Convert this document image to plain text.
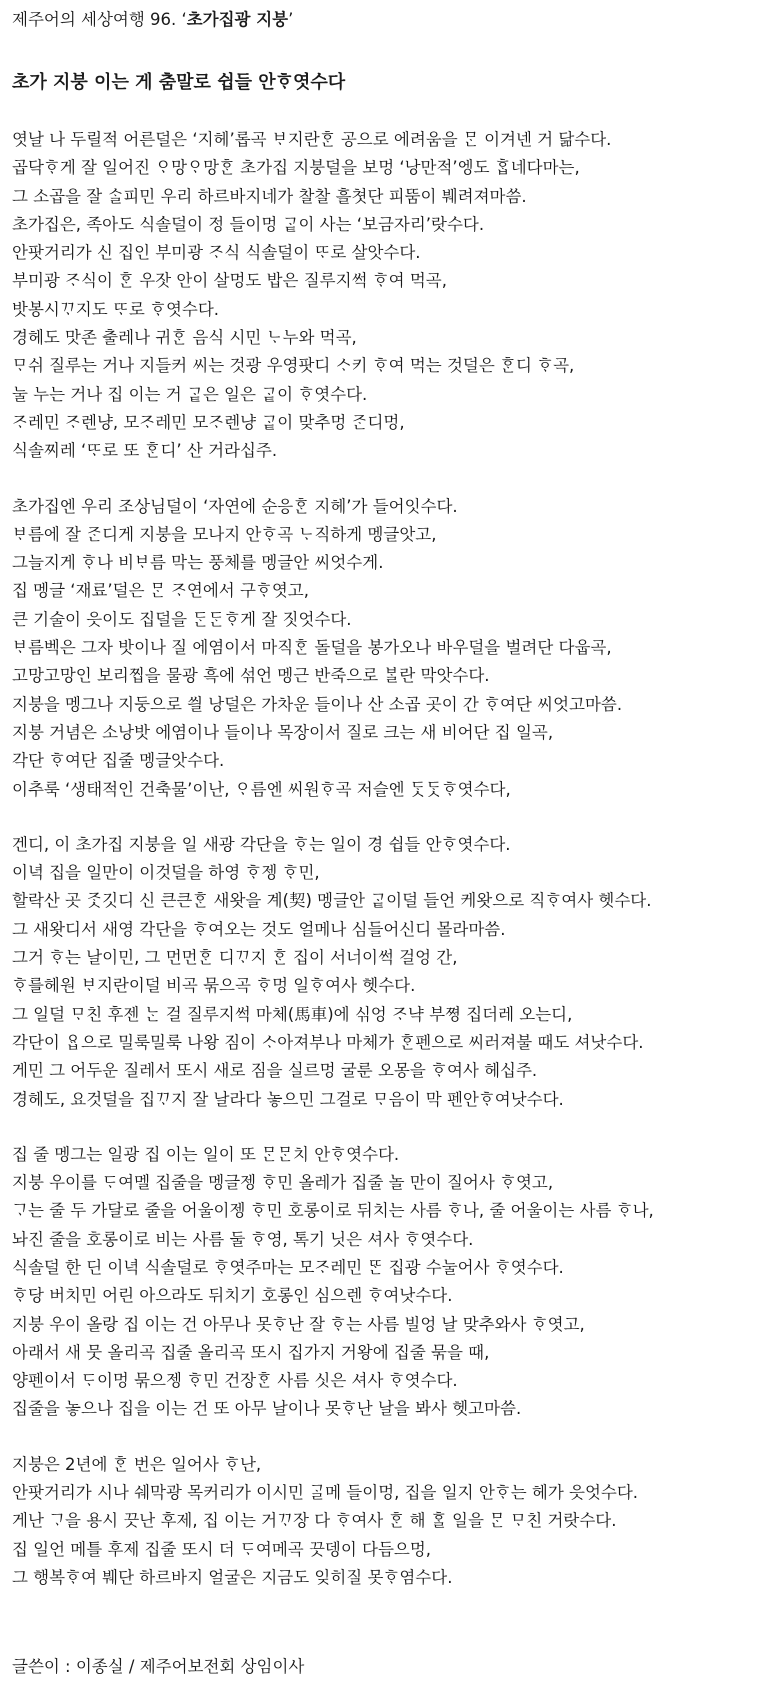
제주어의 세상여행 96. ‘초가집광 지붕’
초가 지붕 이는 게 춤말로 쉽들 안ᄒᆞ엿수다
엿날 나 두릴적 어른덜은 ‘지헤’롭곡 ᄇᆞ지란ᄒᆞᆫ 공으로 에려움을 ᄆᆞᆫ 이겨넨 거 닮수다.
곱닥ᄒᆞ게 잘 일어진 ᄋᆞ망ᄋᆞ망ᄒᆞᆫ 초가집 지붕덜을 보멍 ‘낭만적’엥도 ᄒᆞᆸ네다마는,
그 소곱을 잘 ᄉᆞᆯ피민 우리 하르바지네가 찰찰 흘쳣단 피뚬이 붸려져마씀.
초가집은, 족아도 식솔덜이 정 들이멍 ᄀᆞᇀ이 사는 ‘보금자리’랏수다.
안팟거리가 신 집인 부미광 ᄌᆞ식 식솔덜이 ᄄᆞ로 살앗수다.
부미광 ᄌᆞ식이 ᄒᆞᆫ 우잣 안이 살멍도 밥은 질루지썩 ᄒᆞ여 먹곡,
밧봉시ᄁᆞ지도 ᄄᆞ로 ᄒᆞ엿수다.
경헤도 맛존 출레나 귀ᄒᆞᆫ 음식 시민 ᄂᆞ누와 먹곡,
ᄆᆞ쉬 질루는 거나 지들커 씨는 것광 우영팟디 ᄉᆞ키 ᄒᆞ여 먹는 것덜은 ᄒᆞᆫ디 ᄒᆞ곡,
눌 누는 거나 집 이는 거 ᄀᆞᇀ은 일은 ᄀᆞᇀ이 ᄒᆞ엿수다.
ᄌᆞ레민 ᄌᆞ렌냥, 모ᄌᆞ레민 모ᄌᆞ렌냥 ᄀᆞᇀ이 맞추멍 ᄌᆞᆫ디멍,
식솔찌레 ‘ᄄᆞ로 또 ᄒᆞᆫ디’ 산 거라십주.
초가집엔 우리 조상님덜이 ‘자연에 순응ᄒᆞᆫ 지헤’가 들어잇수다.
ᄇᆞ름에 잘 ᄌᆞᆫ디게 지붕을 모나지 안ᄒᆞ곡 ᄂᆞ직하게 멩글앗고,
그늘지게 ᄒᆞ나 비ᄇᆞ름 막는 풍체를 멩글안 씨엇수게.
집 멩글 ‘재료’덜은 ᄆᆞᆫ ᄌᆞ연에서 구ᄒᆞ엿고,
큰 기술이 읏이도 집덜을 ᄃᆞᆫᄃᆞᆫᄒᆞ게 잘 짓엇수다.
ᄇᆞ름벡은 그자 밧이나 질 에염이서 마직ᄒᆞᆫ 돌덜을 봉가오나 바우덜을 벌려단 다웁곡,
고망고망인 보리찝을 물광 흑에 섞언 멩근 반죽으로 ᄇᆞᆯ란 막앗수다.
지붕을 멩그나 지둥으로 씔 낭덜은 가차운 들이나 산 소곱 곳이 간 ᄒᆞ여단 씨엇고마씀.
지붕 거념은 소낭밧 에염이나 들이나 목장이서 질로 크는 새 비어단 집 일곡,
각단 ᄒᆞ여단 집줄 멩글앗수다.
이추룩 ‘생태적인 건축물’이난, ᄋᆞ름엔 씨원ᄒᆞ곡 저슬엔 ᄃᆞᆺᄃᆞᆺᄒᆞ엿수다,
겐디, 이 초가집 지붕을 일 새광 각단을 ᄒᆞ는 일이 경 쉽들 안ᄒᆞ엿수다.
이녁 집을 일만이 이것덜을 하영 ᄒᆞ젱 ᄒᆞ민,
할락산 곳 ᄌᆞᆺ깃디 신 큰큰ᄒᆞᆫ 새왓을 계(契) 멩글안 ᄀᆞᇀ이덜 들언 케왓으로 직ᄒᆞ여사 헷수다.
그 새왓디서 새영 각단을 ᄒᆞ여오는 것도 얼메나 심들어신디 몰라마씀.
그거 ᄒᆞ는 날이민, 그 먼먼ᄒᆞᆫ 디ᄁᆞ지 ᄒᆞᆫ 집이 서너이썩 걸엉 간,
ᄒᆞ를헤원 ᄇᆞ지란이덜 비곡 묶으곡 ᄒᆞ멍 일ᄒᆞ여사 헷수다.
그 일덜 ᄆᆞ친 후젠 ᄂᆞᆫ 걸 질루지썩 마체(馬車)에 싞엉 ᄌᆞ냑 부쪙 집더레 오는디,
각단이 ᄋᆢᆸ으로 밀룩밀룩 나왕 짐이 ᄉᆞ아져부나 마체가 ᄒᆞᆫ펜으로 씨러져불 때도 셔낫수다.
게민 그 어두운 질레서 또시 새로 짐을 실르멍 굴룬 오몽을 ᄒᆞ여사 헤십주.
경헤도, 요것덜을 집ᄁᆞ지 잘 날라다 놓으민 그걸로 ᄆᆞ음이 막 펜안ᄒᆞ여낫수다.
집 줄 멩그는 일광 집 이는 일이 또 ᄆᆞᆫᄆᆞᆫ치 안ᄒᆞ엿수다.
지붕 우이를 ᄃᆞ여멜 집줄을 멩글젱 ᄒᆞ민 올레가 집줄 놀 만이 질어사 ᄒᆞ엿고,
ᄀᆞ는 줄 두 가달로 줄을 어울이젱 ᄒᆞ민 호롱이로 뒤치는 사름 ᄒᆞ나, 줄 어울이는 사름 ᄒᆞ나,
놔진 줄을 호롱이로 비는 사름 둘 ᄒᆞ영, 톡기 닛은 셔사 ᄒᆞ엿수다.
식솔덜 한 딘 이녁 식솔덜로 ᄒᆞ엿주마는 모ᄌᆞ레민 ᄄᆞᆫ 집광 수눌어사 ᄒᆞ엿수다.
ᄒᆞ당 버치민 어린 아으라도 뒤치기 호롱인 심으렌 ᄒᆞ여낫수다.
지붕 우이 올랑 집 이는 건 아무나 못ᄒᆞ난 잘 ᄒᆞ는 사름 빌엉 날 맞추와사 ᄒᆞ엿고,
아래서 새 뭇 올리곡 집줄 올리곡 또시 집가지 거왕에 집줄 묶을 때,
양펜이서 ᄃᆞ이멍 묶으젱 ᄒᆞ민 건장ᄒᆞᆫ 사름 싯은 셔사 ᄒᆞ엿수다.
집줄을 놓으나 집을 이는 건 또 아무 날이나 못ᄒᆞ난 날을 봐사 헷고마씀.
지붕은 2년에 ᄒᆞᆫ 번은 일어사 ᄒᆞ난,
안팟거리가 시나 쉐막광 목커리가 이시민 ᄀᆞᆯ메 들이멍, 집을 일지 안ᄒᆞ는 헤가 읏엇수다.
게난 ᄀᆞ을 용시 끗난 후제, 집 이는 거ᄁᆞ장 다 ᄒᆞ여사 ᄒᆞᆫ 해 ᄒᆞᆯ 일을 ᄆᆞᆫ ᄆᆞ친 거랏수다.
집 일언 메틀 후제 집줄 또시 더 ᄃᆞ여메곡 끗뎅이 다듬으멍,
그 행복ᄒᆞ여 붸단 하르바지 얼굴은 지금도 잊히질 못ᄒᆞ염수다.
글쓴이 : 이종실 / 제주어보전회 상임이사
